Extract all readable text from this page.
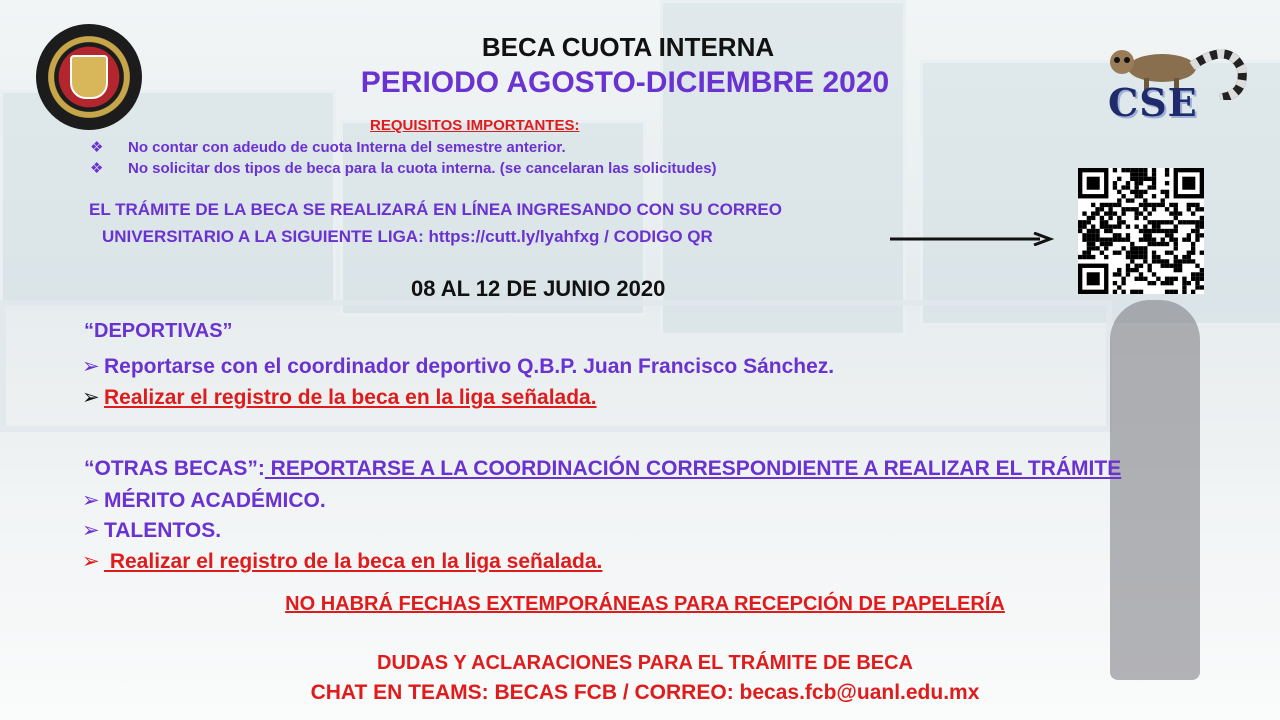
CSE
BECA CUOTA INTERNA
PERIODO AGOSTO-DICIEMBRE 2020
REQUISITOS IMPORTANTES:
❖ No contar con adeudo de cuota Interna del semestre anterior.
❖ No solicitar dos tipos de beca para la cuota interna. (se cancelaran las solicitudes)
EL TRÁMITE DE LA BECA SE REALIZARÁ EN LÍNEA INGRESANDO CON SU CORREO
UNIVERSITARIO A LA SIGUIENTE LIGA: https://cutt.ly/lyahfxg / CODIGO QR
08 AL 12 DE JUNIO 2020
“DEPORTIVAS”
➢ Reportarse con el coordinador deportivo Q.B.P. Juan Francisco Sánchez.
➢ Realizar el registro de la beca en la liga señalada.
“OTRAS BECAS”: REPORTARSE A LA COORDINACIÓN CORRESPONDIENTE A REALIZAR EL TRÁMITE
➢ MÉRITO ACADÉMICO.
➢ TALENTOS.
➢ Realizar el registro de la beca en la liga señalada.
NO HABRÁ FECHAS EXTEMPORÁNEAS PARA RECEPCIÓN DE PAPELERÍA
DUDAS Y ACLARACIONES PARA EL TRÁMITE DE BECA
CHAT EN TEAMS: BECAS FCB / CORREO: becas.fcb@uanl.edu.mx
